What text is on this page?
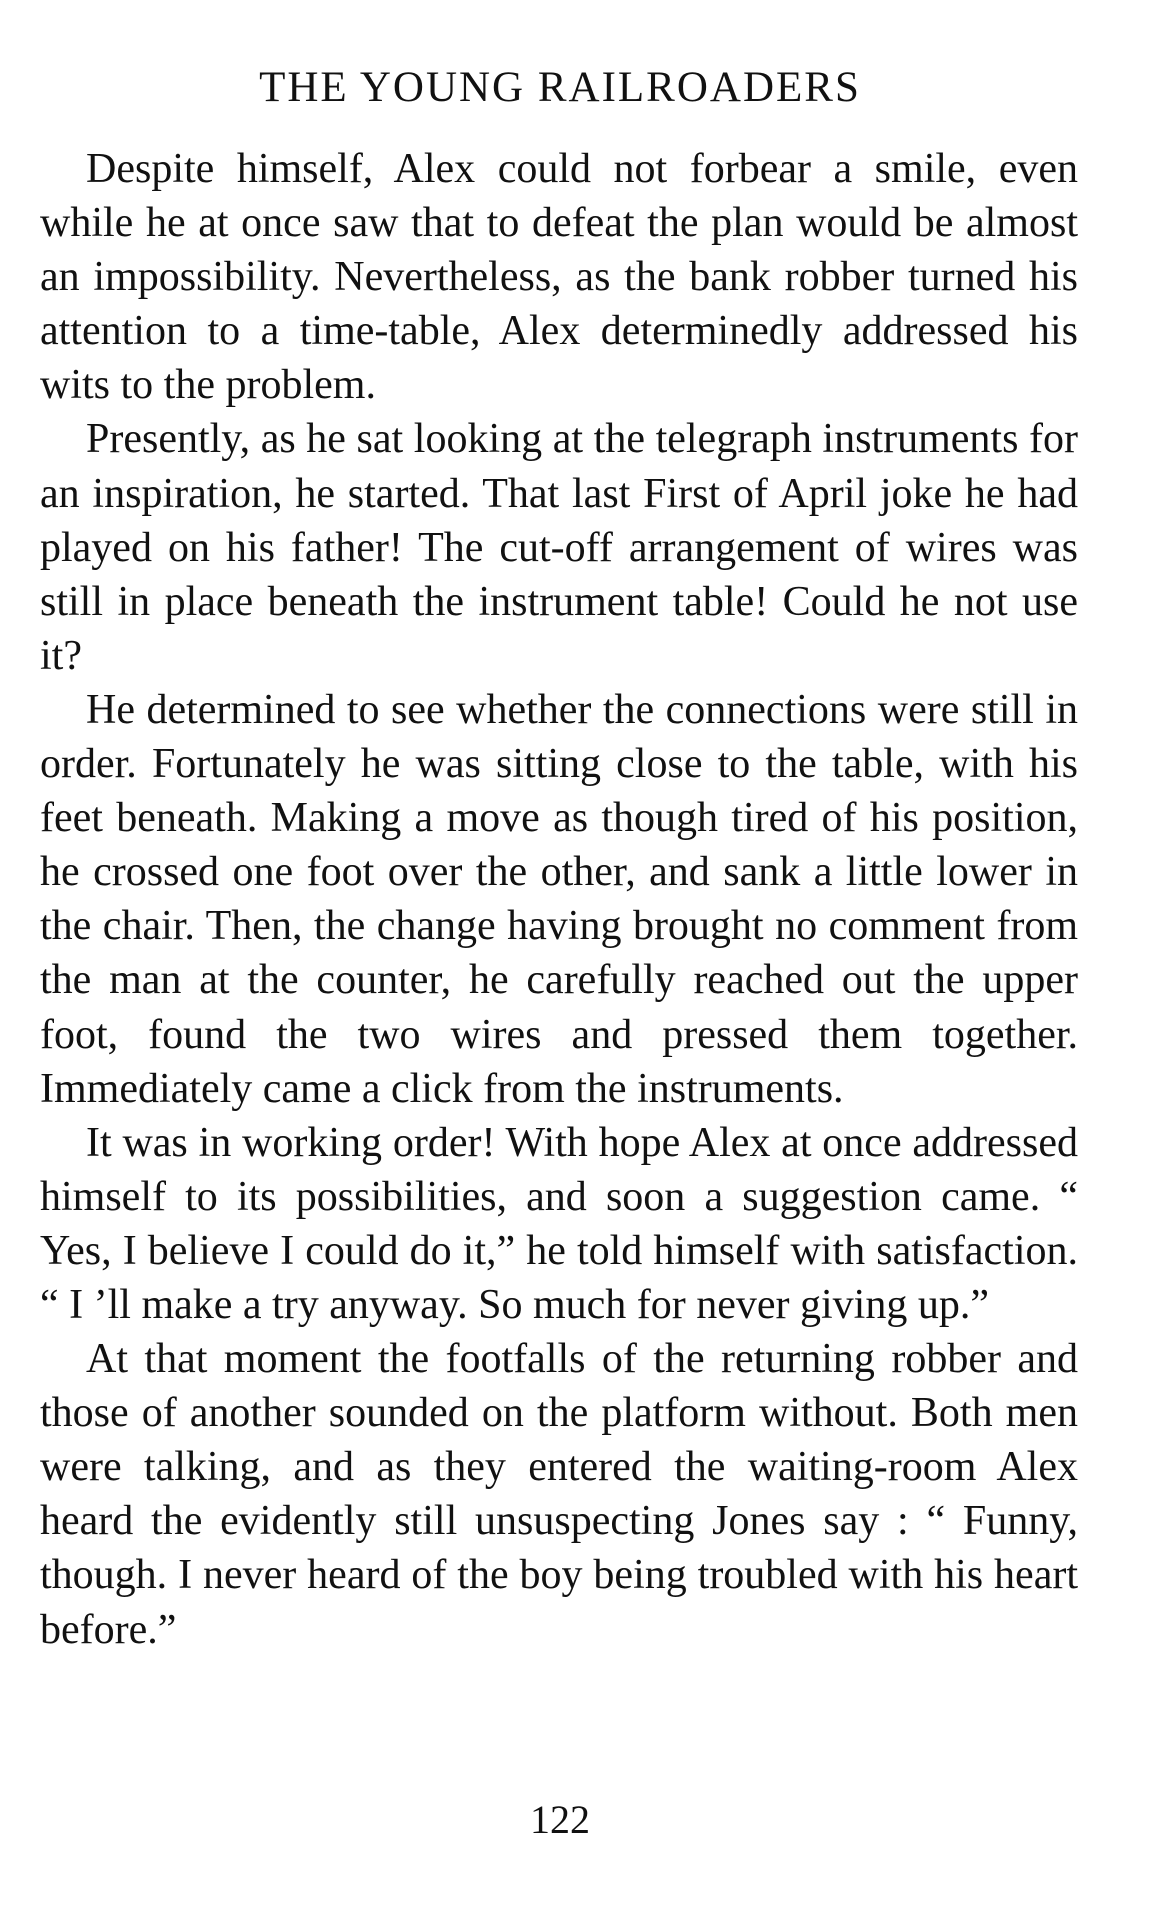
THE YOUNG RAILROADERS

Despite himself, Alex could not forbear a smile, even while he at once saw that to defeat the plan would be almost an impossibility. Nevertheless, as the bank robber turned his attention to a time-table, Alex determinedly addressed his wits to the problem.

Presently, as he sat looking at the telegraph instruments for an inspiration, he started. That last First of April joke he had played on his father! The cut-off arrangement of wires was still in place beneath the instrument table! Could he not use it?

He determined to see whether the connections were still in order. Fortunately he was sitting close to the table, with his feet beneath. Making a move as though tired of his position, he crossed one foot over the other, and sank a little lower in the chair. Then, the change having brought no comment from the man at the counter, he carefully reached out the upper foot, found the two wires and pressed them together. Immediately came a click from the instruments.

It was in working order! With hope Alex at once addressed himself to its possibilities, and soon a suggestion came. “ Yes, I believe I could do it,” he told himself with satisfaction. “ I ’ll make a try anyway. So much for never giving up.”

At that moment the footfalls of the returning robber and those of another sounded on the platform without. Both men were talking, and as they entered the waiting-room Alex heard the evidently still unsuspecting Jones say : “ Funny, though. I never heard of the boy being troubled with his heart before.”

122
